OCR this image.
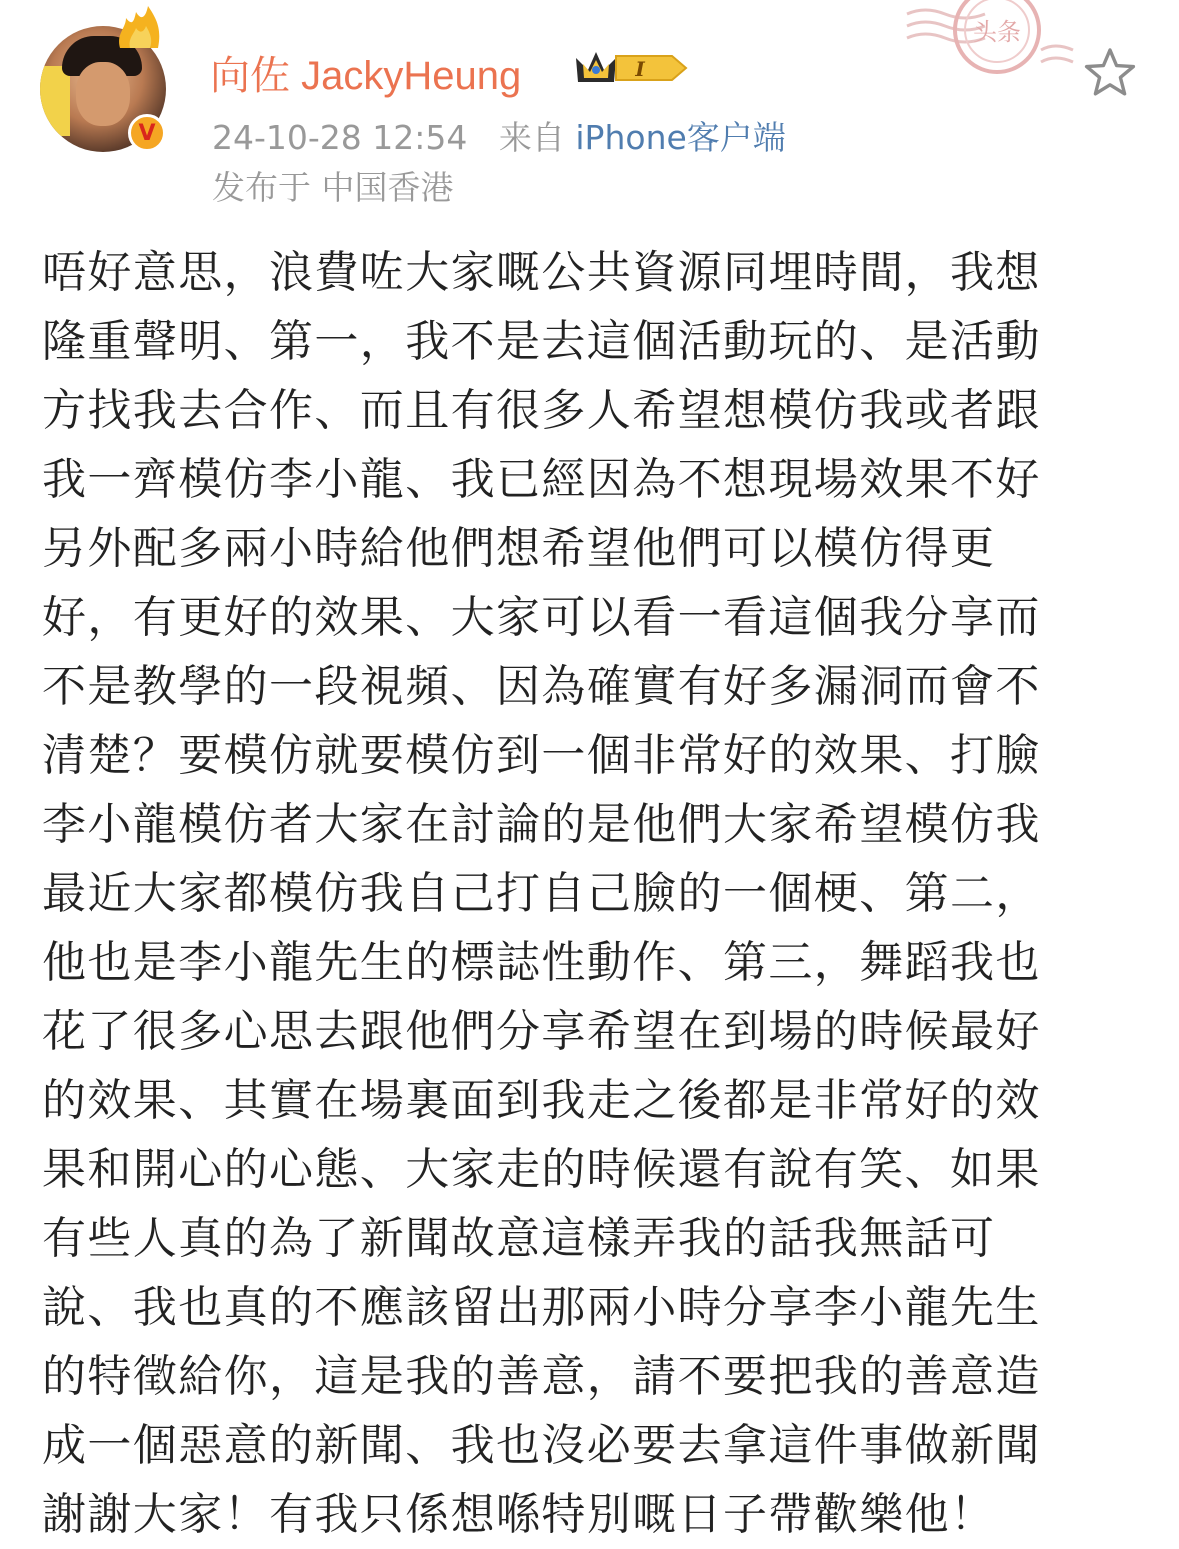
V
向佐 JackyHeung	I
24-10-28 12:54 来自 iPhone客户端
发布于 中国香港
头条
唔好意思，浪費咗大家嘅公共資源同埋時間，我想
隆重聲明、第一，我不是去這個活動玩的、是活動
方找我去合作、而且有很多人希望想模仿我或者跟
我一齊模仿李小龍、我已經因為不想現場效果不好
另外配多兩小時給他們想希望他們可以模仿得更
好，有更好的效果、大家可以看一看這個我分享而
不是教學的一段視頻、因為確實有好多漏洞而會不
清楚？要模仿就要模仿到一個非常好的效果、打臉
李小龍模仿者大家在討論的是他們大家希望模仿我
最近大家都模仿我自己打自己臉的一個梗、第二，
他也是李小龍先生的標誌性動作、第三，舞蹈我也
花了很多心思去跟他們分享希望在到場的時候最好
的效果、其實在場裏面到我走之後都是非常好的效
果和開心的心態、大家走的時候還有說有笑、如果
有些人真的為了新聞故意這樣弄我的話我無話可
說、我也真的不應該留出那兩小時分享李小龍先生
的特徵給你，這是我的善意，請不要把我的善意造
成一個惡意的新聞、我也沒必要去拿這件事做新聞
謝謝大家！有我只係想喺特別嘅日子帶歡樂他！
